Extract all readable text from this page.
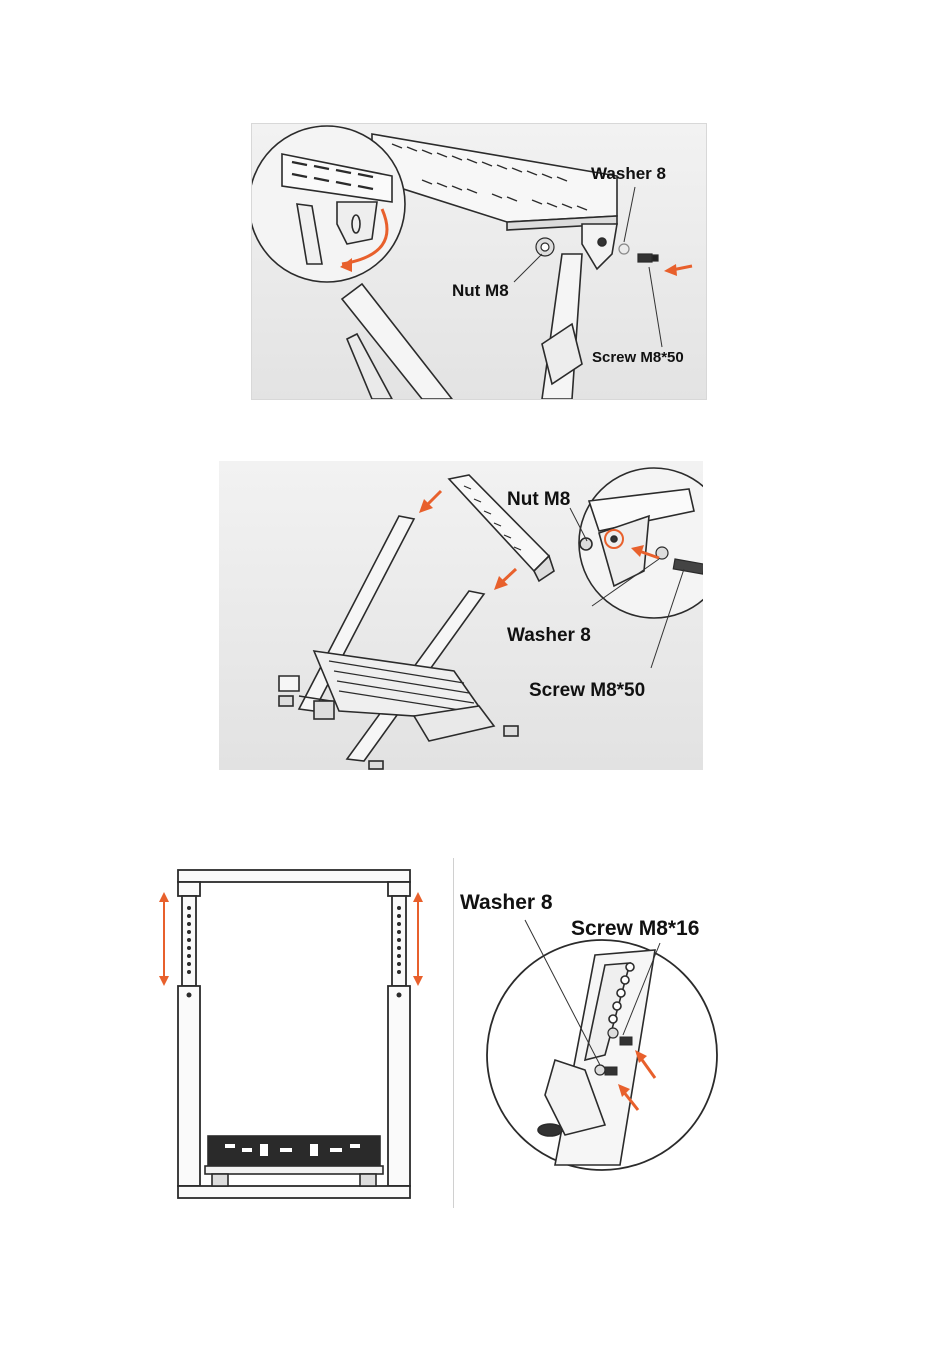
Washer 8
Nut M8
Screw M8*50
Nut M8
Washer 8
Screw M8*50
Washer 8
Screw M8*16
